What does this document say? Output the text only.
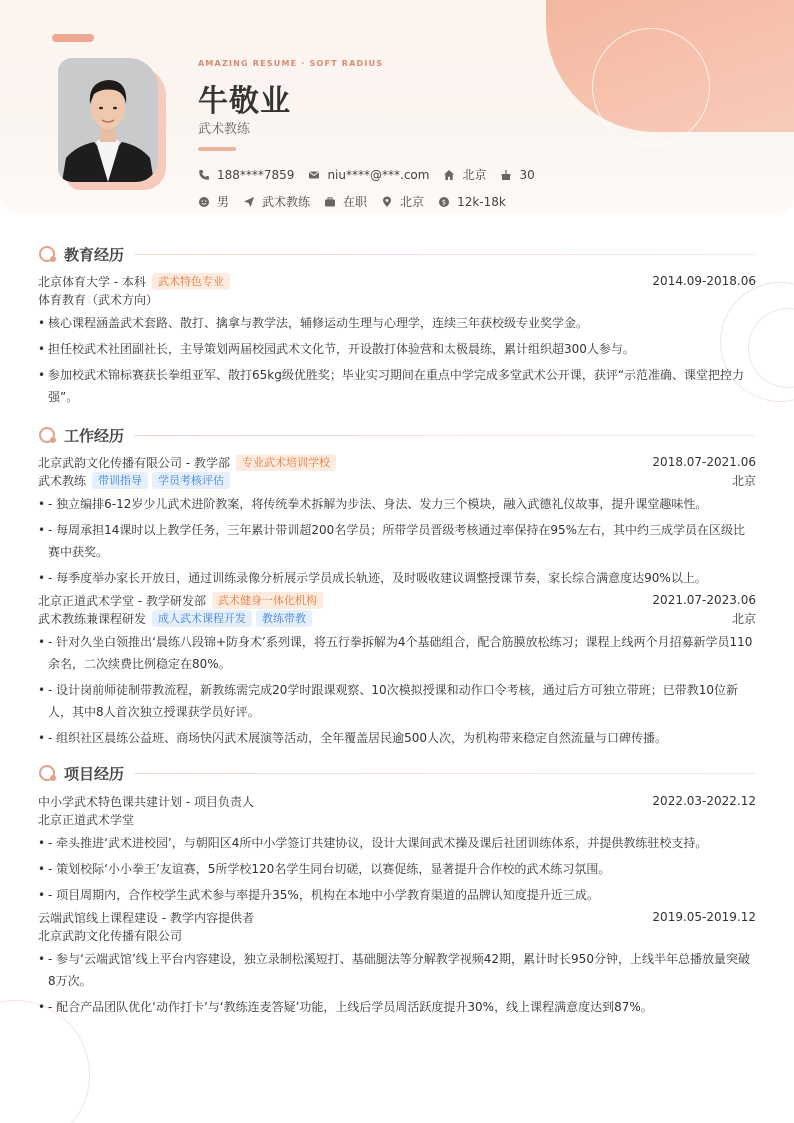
AMAZING RESUME · SOFT RADIUS
牛敬业
武术教练
188****7859	niu****@***.com	北京	30
男	武术教练	在职	北京	$ 12k-18k
教育经历
北京体育大学 - 本科	武术特色专业	2014.09-2018.06
体育教育（武术方向）
• 核心课程涵盖武术套路、散打、擒拿与教学法，辅修运动生理与心理学，连续三年获校级专业奖学金。
• 担任校武术社团副社长，主导策划两届校园武术文化节，开设散打体验营和太极晨练，累计组织超300人参与。
• 参加校武术锦标赛获长拳组亚军、散打65kg级优胜奖；毕业实习期间在重点中学完成多堂武术公开课，获评“示范准确、课堂把控力强”。
工作经历
北京武韵文化传播有限公司 - 教学部	专业武术培训学校	2018.07-2021.06
武术教练	带训指导	学员考核评估	北京
• - 独立编排6-12岁少儿武术进阶教案，将传统拳术拆解为步法、身法、发力三个模块，融入武德礼仪故事，提升课堂趣味性。
• - 每周承担14课时以上教学任务，三年累计带训超200名学员；所带学员晋级考核通过率保持在95%左右，其中约三成学员在区级比赛中获奖。
• - 每季度举办家长开放日，通过训练录像分析展示学员成长轨迹，及时吸收建议调整授课节奏，家长综合满意度达90%以上。
北京正道武术学堂 - 教学研发部	武术健身一体化机构	2021.07-2023.06
武术教练兼课程研发	成人武术课程开发	教练带教	北京
• - 针对久坐白领推出‘晨练八段锦+防身术’系列课，将五行拳拆解为4个基础组合，配合筋膜放松练习；课程上线两个月招募新学员110余名，二次续费比例稳定在80%。
• - 设计岗前师徒制带教流程，新教练需完成20学时跟课观察、10次模拟授课和动作口令考核，通过后方可独立带班；已带教10位新人，其中8人首次独立授课获学员好评。
• - 组织社区晨练公益班、商场快闪武术展演等活动，全年覆盖居民逾500人次，为机构带来稳定自然流量与口碑传播。
项目经历
中小学武术特色课共建计划 - 项目负责人	2022.03-2022.12
北京正道武术学堂
• - 牵头推进‘武术进校园’，与朝阳区4所中小学签订共建协议，设计大课间武术操及课后社团训练体系，并提供教练驻校支持。
• - 策划校际‘小小拳王’友谊赛，5所学校120名学生同台切磋，以赛促练，显著提升合作校的武术练习氛围。
• - 项目周期内，合作校学生武术参与率提升35%，机构在本地中小学教育渠道的品牌认知度提升近三成。
云端武馆线上课程建设 - 教学内容提供者	2019.05-2019.12
北京武韵文化传播有限公司
• - 参与‘云端武馆’线上平台内容建设，独立录制松溪短打、基础腿法等分解教学视频42期，累计时长950分钟，上线半年总播放量突破8万次。
• - 配合产品团队优化‘动作打卡’与‘教练连麦答疑’功能，上线后学员周活跃度提升30%，线上课程满意度达到87%。
